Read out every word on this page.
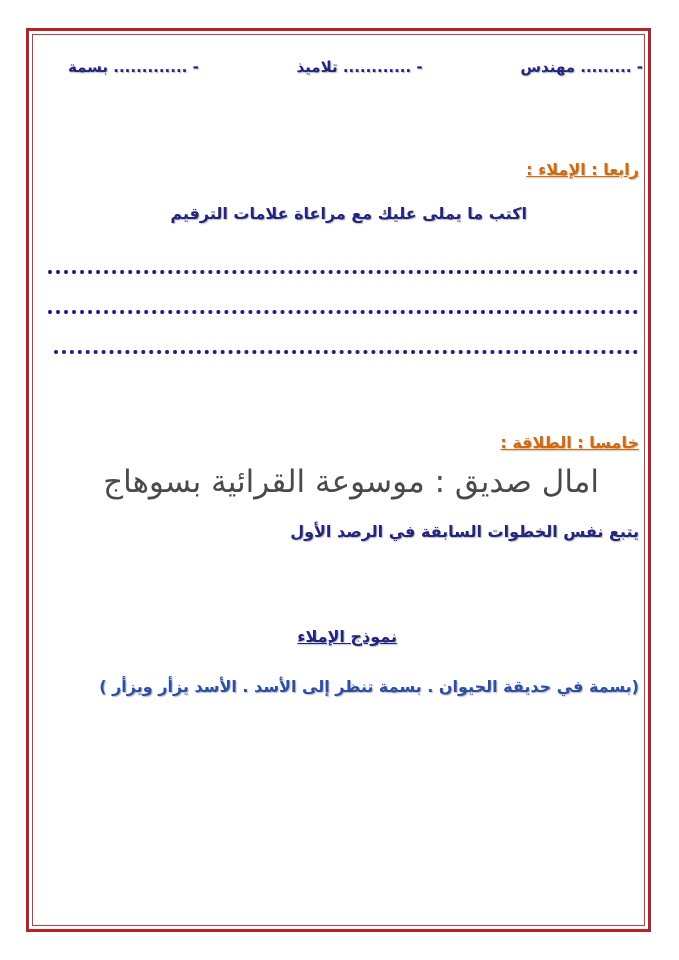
- ......... مهندس
- ............ تلاميذ
- ............. بسمة
رابعا : الإملاء :
اكتب ما يملى عليك مع مراعاة علامات الترقيم
خامسا : الطلاقة :
امال صديق : موسوعة القرائية بسوهاج
يتبع نفس الخطوات السابقة في الرصد الأول
نموذج الإملاء
(بسمة في حديقة الحيوان . بسمة تنظر إلى الأسد . الأسد يزأر ويزأر )
